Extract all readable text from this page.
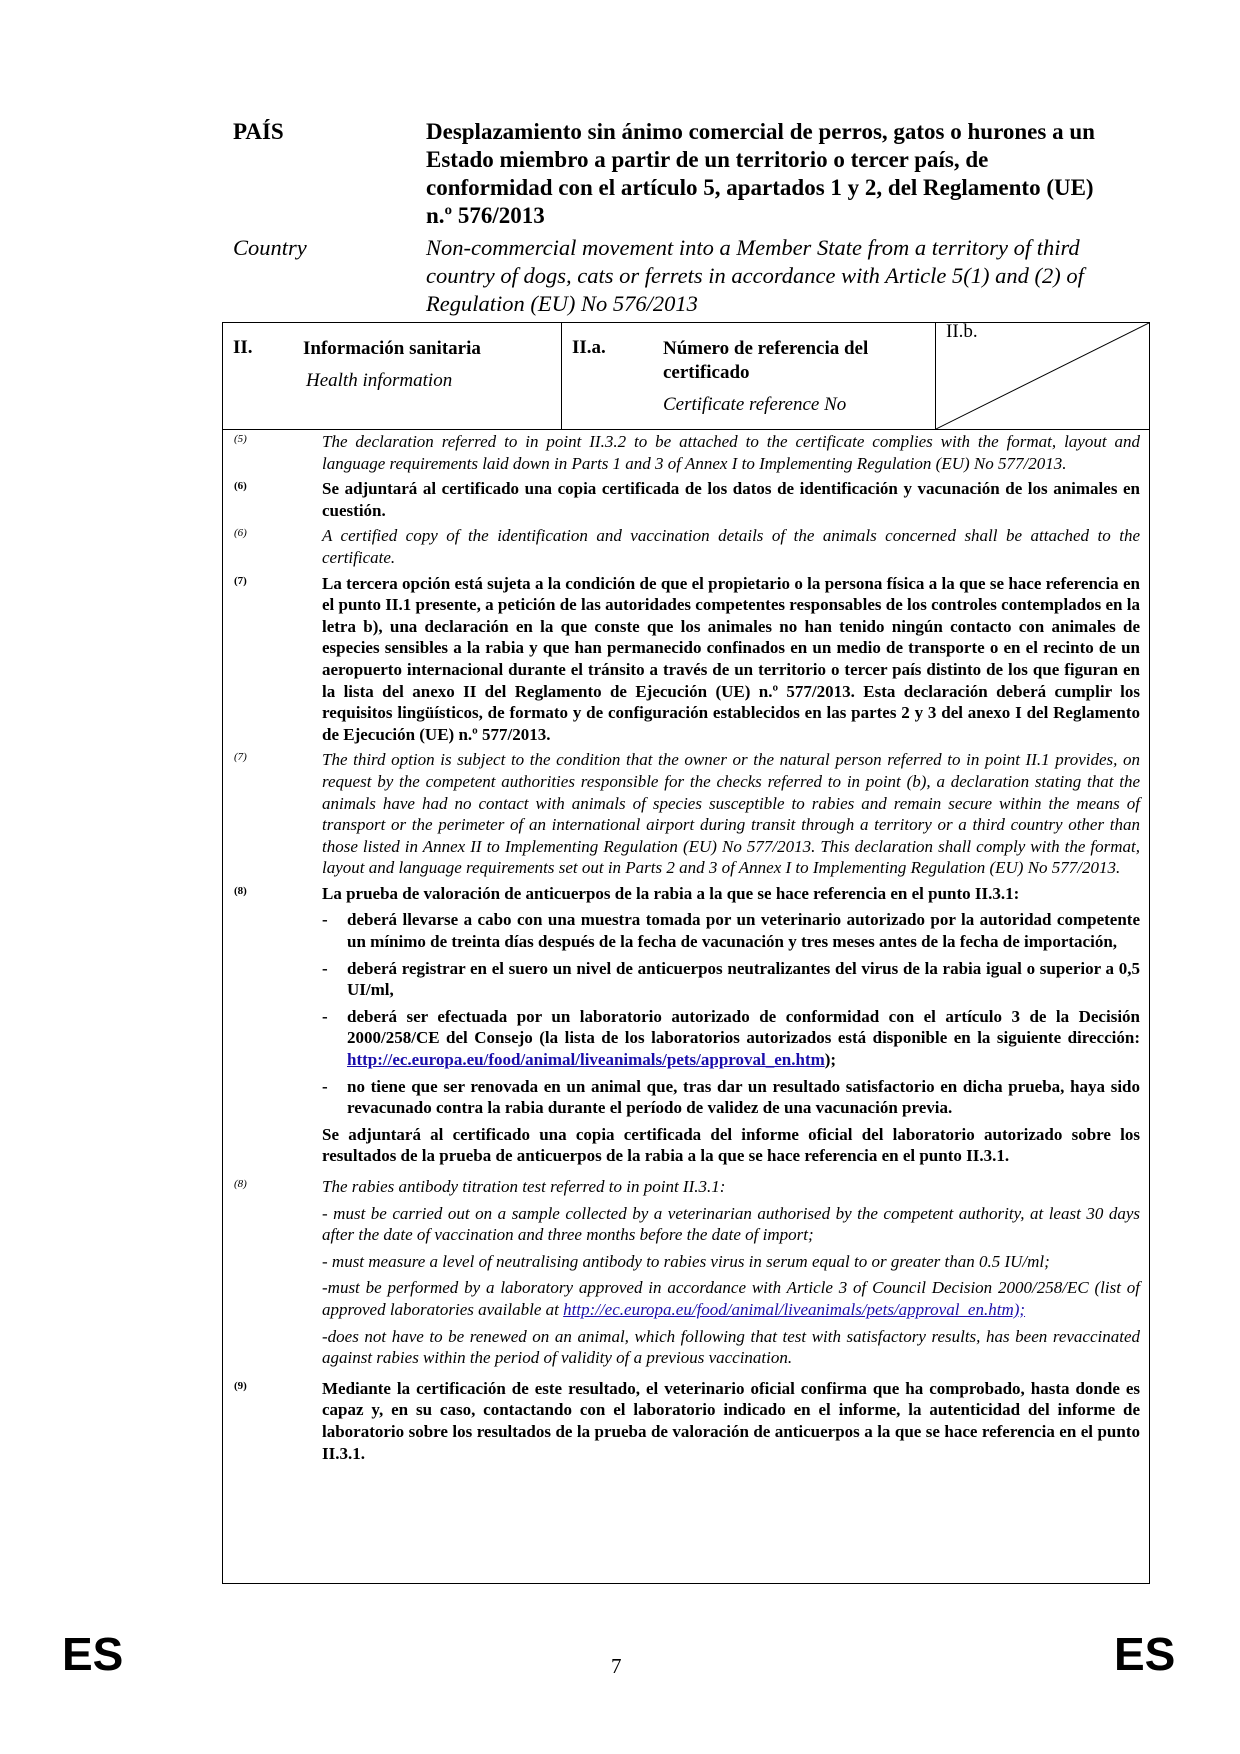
PAÍS	Desplazamiento sin ánimo comercial de perros, gatos o hurones a un Estado miembro a partir de un territorio o tercer país, de conformidad con el artículo 5, apartados 1 y 2, del Reglamento (UE) n.º 576/2013
Country	Non-commercial movement into a Member State from a territory of third country of dogs, cats or ferrets in accordance with Article 5(1) and (2) of Regulation (EU) No 576/2013
II.	Información sanitaria
Health information
II.a.	Número de referencia del certificado
Certificate reference No
II.b.
(5)	The declaration referred to in point II.3.2 to be attached to the certificate complies with the format, layout and language requirements laid down in Parts 1 and 3 of Annex I to Implementing Regulation (EU) No 577/2013.
(6)	Se adjuntará al certificado una copia certificada de los datos de identificación y vacunación de los animales en cuestión.
(6)	A certified copy of the identification and vaccination details of the animals concerned shall be attached to the certificate.
(7)	La tercera opción está sujeta a la condición de que el propietario o la persona física a la que se hace referencia en el punto II.1 presente, a petición de las autoridades competentes responsables de los controles contemplados en la letra b), una declaración en la que conste que los animales no han tenido ningún contacto con animales de especies sensibles a la rabia y que han permanecido confinados en un medio de transporte o en el recinto de un aeropuerto internacional durante el tránsito a través de un territorio o tercer país distinto de los que figuran en la lista del anexo II del Reglamento de Ejecución (UE) n.º 577/2013. Esta declaración deberá cumplir los requisitos lingüísticos, de formato y de configuración establecidos en las partes 2 y 3 del anexo I del Reglamento de Ejecución (UE) n.º 577/2013.
(7)	The third option is subject to the condition that the owner or the natural person referred to in point II.1 provides, on request by the competent authorities responsible for the checks referred to in point (b), a declaration stating that the animals have had no contact with animals of species susceptible to rabies and remain secure within the means of transport or the perimeter of an international airport during transit through a territory or a third country other than those listed in Annex II to Implementing Regulation (EU) No 577/2013. This declaration shall comply with the format, layout and language requirements set out in Parts 2 and 3 of Annex I to Implementing Regulation (EU) No 577/2013.
(8)	La prueba de valoración de anticuerpos de la rabia a la que se hace referencia en el punto II.3.1:

-	deberá llevarse a cabo con una muestra tomada por un veterinario autorizado por la autoridad competente un mínimo de treinta días después de la fecha de vacunación y tres meses antes de la fecha de importación,
-	deberá registrar en el suero un nivel de anticuerpos neutralizantes del virus de la rabia igual o superior a 0,5 UI/ml,
-	deberá ser efectuada por un laboratorio autorizado de conformidad con el artículo 3 de la Decisión 2000/258/CE del Consejo (la lista de los laboratorios autorizados está disponible en la siguiente dirección: http://ec.europa.eu/food/animal/liveanimals/pets/approval_en.htm);
-	no tiene que ser renovada en un animal que, tras dar un resultado satisfactorio en dicha prueba, haya sido revacunado contra la rabia durante el período de validez de una vacunación previa.

Se adjuntará al certificado una copia certificada del informe oficial del laboratorio autorizado sobre los resultados de la prueba de anticuerpos de la rabia a la que se hace referencia en el punto II.3.1.

(8)	The rabies antibody titration test referred to in point II.3.1:

- must be carried out on a sample collected by a veterinarian authorised by the competent authority, at least 30 days after the date of vaccination and three months before the date of import;

- must measure a level of neutralising antibody to rabies virus in serum equal to or greater than 0.5 IU/ml;

-must be performed by a laboratory approved in accordance with Article 3 of Council Decision 2000/258/EC (list of approved laboratories available at http://ec.europa.eu/food/animal/liveanimals/pets/approval_en.htm);

-does not have to be renewed on an animal, which following that test with satisfactory results, has been revaccinated against rabies within the period of validity of a previous vaccination.

(9)	Mediante la certificación de este resultado, el veterinario oficial confirma que ha comprobado, hasta donde es capaz y, en su caso, contactando con el laboratorio indicado en el informe, la autenticidad del informe de laboratorio sobre los resultados de la prueba de valoración de anticuerpos a la que se hace referencia en el punto II.3.1.
ES	7	ES
